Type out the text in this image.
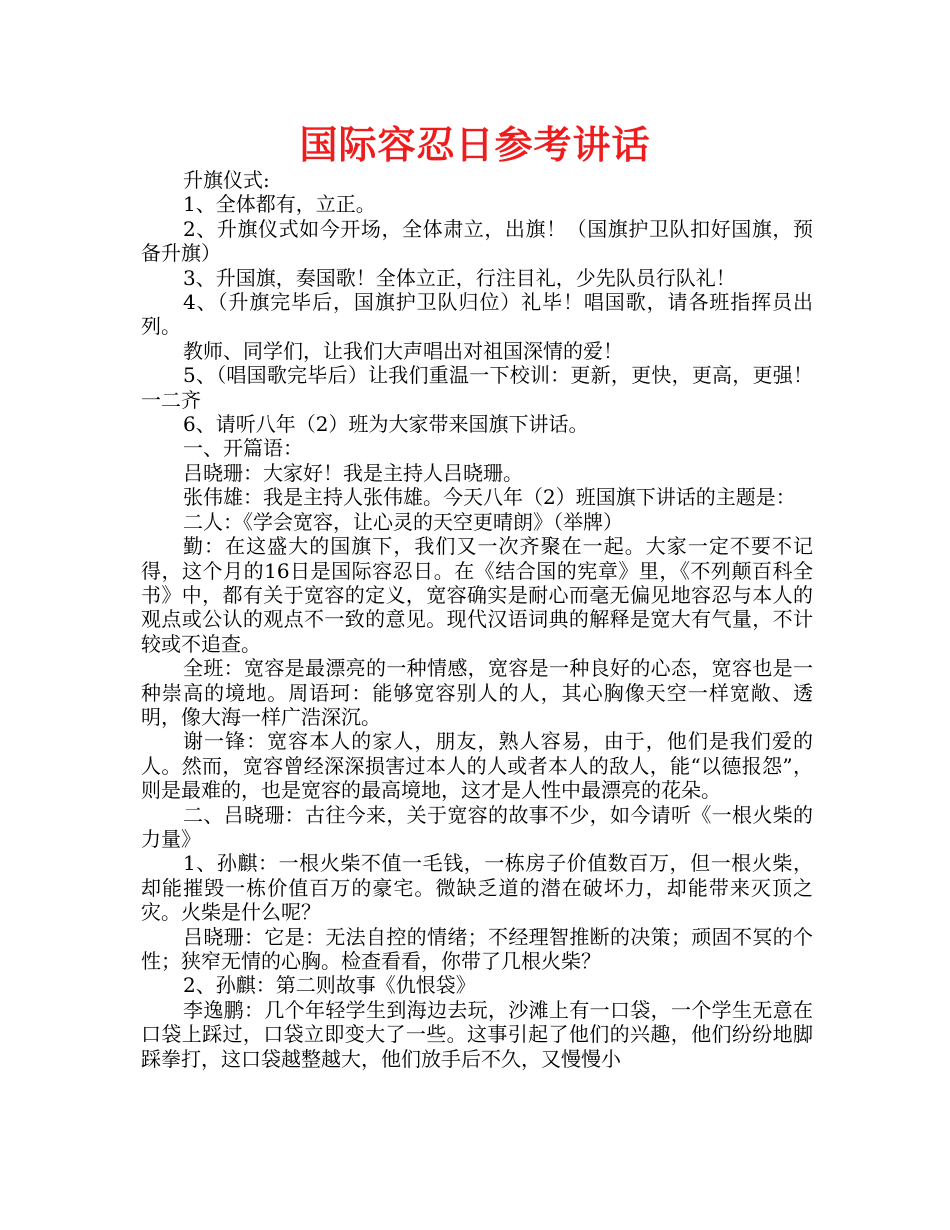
国际容忍日参考讲话

升旗仪式:

1、全体都有，立正。

2、升旗仪式如今开场，全体肃立，出旗！（国旗护卫队扣好国旗，预备升旗）

3、升国旗，奏国歌！全体立正，行注目礼，少先队员行队礼！

4、（升旗完毕后，国旗护卫队归位）礼毕！唱国歌，请各班指挥员出列。

教师、同学们，让我们大声唱出对祖国深情的爱！

5、（唱国歌完毕后）让我们重温一下校训：更新，更快，更高，更强！一二齐

6、请听八年（2）班为大家带来国旗下讲话。

一、开篇语：

吕晓珊：大家好！我是主持人吕晓珊。

张伟雄：我是主持人张伟雄。今天八年（2）班国旗下讲话的主题是：

二人：《学会宽容，让心灵的天空更晴朗》（举牌）

勤：在这盛大的国旗下，我们又一次齐聚在一起。大家一定不要不记得，这个月的16日是国际容忍日。在《结合国的宪章》里，《不列颠百科全书》中，都有关于宽容的定义，宽容确实是耐心而毫无偏见地容忍与本人的观点或公认的观点不一致的意见。现代汉语词典的解释是宽大有气量，不计较或不追查。

全班：宽容是最漂亮的一种情感，宽容是一种良好的心态，宽容也是一种崇高的境地。周语珂：能够宽容别人的人，其心胸像天空一样宽敞、透明，像大海一样广浩深沉。

谢一锋：宽容本人的家人，朋友，熟人容易，由于，他们是我们爱的人。然而，宽容曾经深深损害过本人的人或者本人的敌人，能“以德报怨”，则是最难的，也是宽容的最高境地，这才是人性中最漂亮的花朵。

二、吕晓珊：古往今来，关于宽容的故事不少，如今请听《一根火柴的力量》

1、孙麒：一根火柴不值一毛钱，一栋房子价值数百万，但一根火柴，却能摧毁一栋价值百万的豪宅。微缺乏道的潜在破坏力，却能带来灭顶之灾。火柴是什么呢？

吕晓珊：它是：无法自控的情绪；不经理智推断的决策；顽固不冥的个性；狭窄无情的心胸。检查看看，你带了几根火柴？

2、孙麒：第二则故事《仇恨袋》

李逸鹏：几个年轻学生到海边去玩，沙滩上有一口袋，一个学生无意在口袋上踩过，口袋立即变大了一些。这事引起了他们的兴趣，他们纷纷地脚踩拳打，这口袋越整越大，他们放手后不久，又慢慢小
